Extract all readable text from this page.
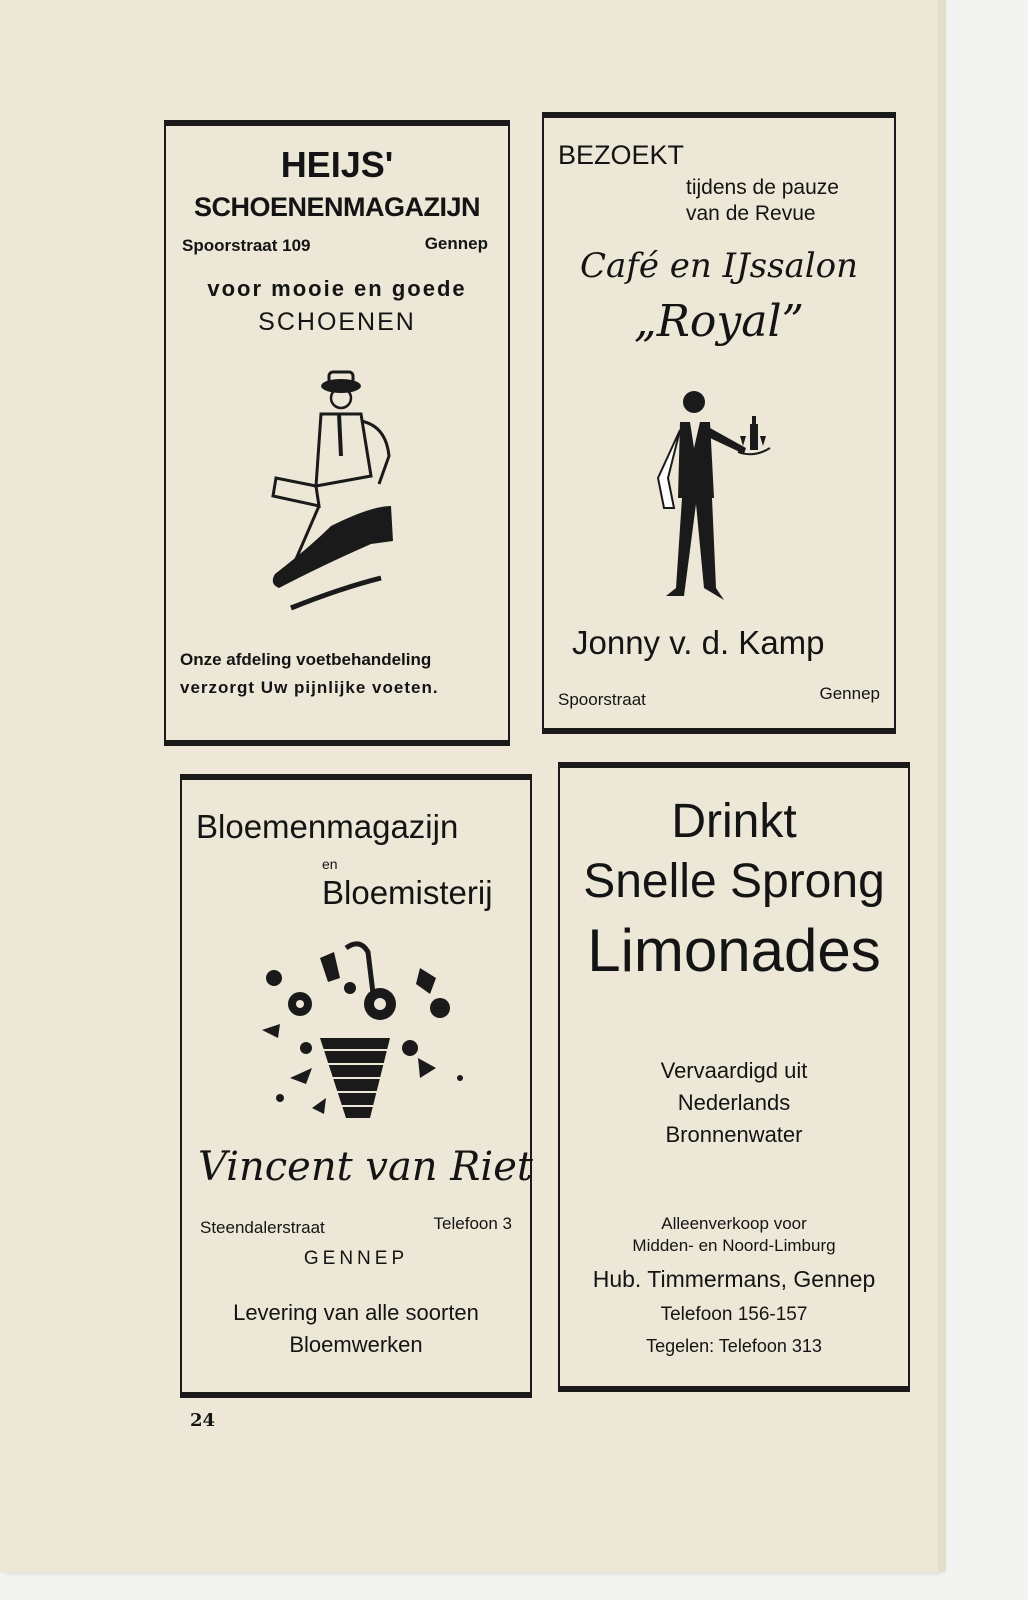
HEIJS'
SCHOENENMAGAZIJN
Spoorstraat 109	Gennep
voor mooie en goede
SCHOENEN
Onze afdeling voetbehandeling
verzorgt Uw pijnlijke voeten.
BEZOEKT
tijdens de pauze
van de Revue
Café en IJssalon
„Royal”
Jonny v. d. Kamp
Spoorstraat	Gennep
Bloemenmagazijn
en
Bloemisterij
Vincent van Riet
Steendalerstraat	Telefoon 3
GENNEP
Levering van alle soorten
Bloemwerken
Drinkt
Snelle Sprong
Limonades
Vervaardigd uit
Nederlands
Bronnenwater
Alleenverkoop voor
Midden- en Noord-Limburg
Hub. Timmermans, Gennep
Telefoon 156-157
Tegelen: Telefoon 313
24
